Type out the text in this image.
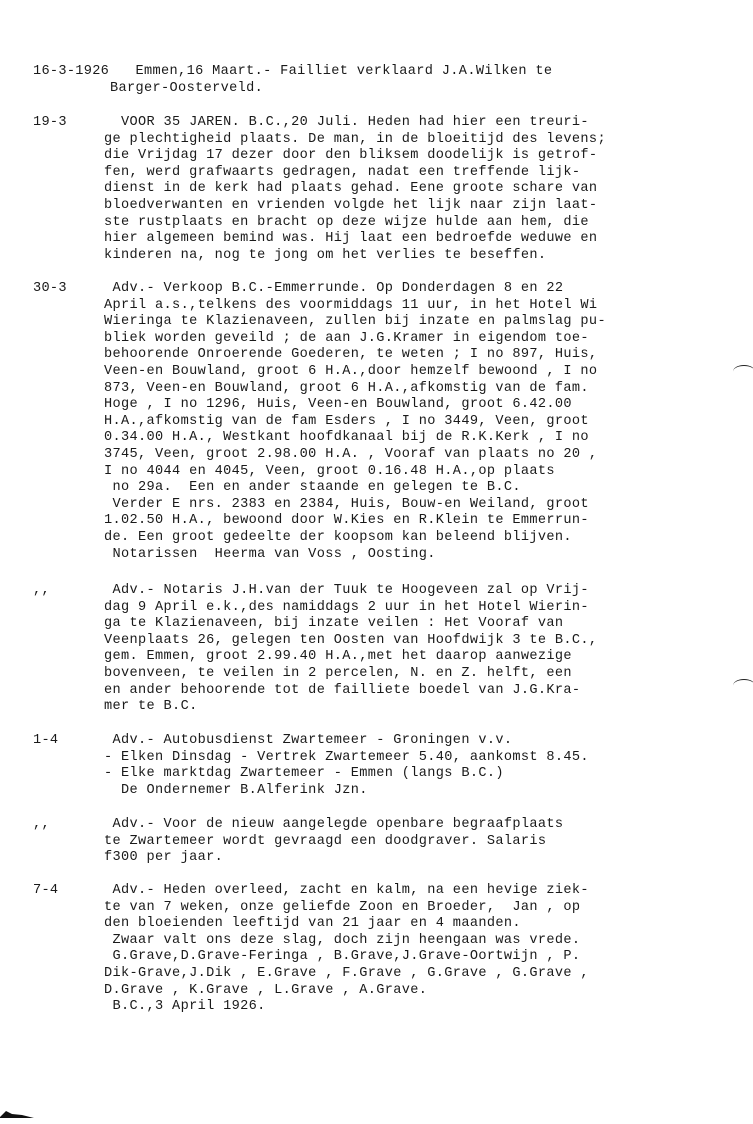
16-3-1926 Emmen,16 Maart.- Failliet verklaard J.A.Wilken te
Barger-Oosterveld.
19-3	VOOR 35 JAREN. B.C.,20 Juli. Heden had hier een treuri-
ge plechtigheid plaats. De man, in de bloeitijd des levens;
die Vrijdag 17 dezer door den bliksem doodelijk is getrof-
fen, werd grafwaarts gedragen, nadat een treffende lijk-
dienst in de kerk had plaats gehad. Eene groote schare van
bloedverwanten en vrienden volgde het lijk naar zijn laat-
ste rustplaats en bracht op deze wijze hulde aan hem, die
hier algemeen bemind was. Hij laat een bedroefde weduwe en
kinderen na, nog te jong om het verlies te beseffen.
30-3	Adv.- Verkoop B.C.-Emmerrunde. Op Donderdagen 8 en 22
April a.s.,telkens des voormiddags 11 uur, in het Hotel Wi
Wieringa te Klazienaveen, zullen bij inzate en palmslag pu-
bliek worden geveild ; de aan J.G.Kramer in eigendom toe-
behoorende Onroerende Goederen, te weten ; I no 897, Huis,
Veen-en Bouwland, groot 6 H.A.,door hemzelf bewoond , I no
873, Veen-en Bouwland, groot 6 H.A.,afkomstig van de fam.
Hoge , I no 1296, Huis, Veen-en Bouwland, groot 6.42.00
H.A.,afkomstig van de fam Esders , I no 3449, Veen, groot
0.34.00 H.A., Westkant hoofdkanaal bij de R.K.Kerk , I no
3745, Veen, groot 2.98.00 H.A. , Vooraf van plaats no 20 ,
I no 4044 en 4045, Veen, groot 0.16.48 H.A.,op plaats
no 29a.  Een en ander staande en gelegen te B.C.
Verder E nrs. 2383 en 2384, Huis, Bouw-en Weiland, groot
1.02.50 H.A., bewoond door W.Kies en R.Klein te Emmerrun-
de. Een groot gedeelte der koopsom kan beleend blijven.
Notarissen  Heerma van Voss , Oosting.
,,	Adv.- Notaris J.H.van der Tuuk te Hoogeveen zal op Vrij-
dag 9 April e.k.,des namiddags 2 uur in het Hotel Wierin-
ga te Klazienaveen, bij inzate veilen : Het Vooraf van
Veenplaats 26, gelegen ten Oosten van Hoofdwijk 3 te B.C.,
gem. Emmen, groot 2.99.40 H.A.,met het daarop aanwezige
bovenveen, te veilen in 2 percelen, N. en Z. helft, een
en ander behoorende tot de failliete boedel van J.G.Kra-
mer te B.C.
1-4	Adv.- Autobusdienst Zwartemeer - Groningen v.v.
- Elken Dinsdag - Vertrek Zwartemeer 5.40, aankomst 8.45.
- Elke marktdag Zwartemeer - Emmen (langs B.C.)
De Ondernemer B.Alferink Jzn.
,,	Adv.- Voor de nieuw aangelegde openbare begraafplaats
te Zwartemeer wordt gevraagd een doodgraver. Salaris
f300 per jaar.
7-4	Adv.- Heden overleed, zacht en kalm, na een hevige ziek-
te van 7 weken, onze geliefde Zoon en Broeder,  Jan , op
den bloeienden leeftijd van 21 jaar en 4 maanden.
Zwaar valt ons deze slag, doch zijn heengaan was vrede.
G.Grave,D.Grave-Feringa , B.Grave,J.Grave-Oortwijn , P.
Dik-Grave,J.Dik , E.Grave , F.Grave , G.Grave , G.Grave ,
D.Grave , K.Grave , L.Grave , A.Grave.
B.C.,3 April 1926.
